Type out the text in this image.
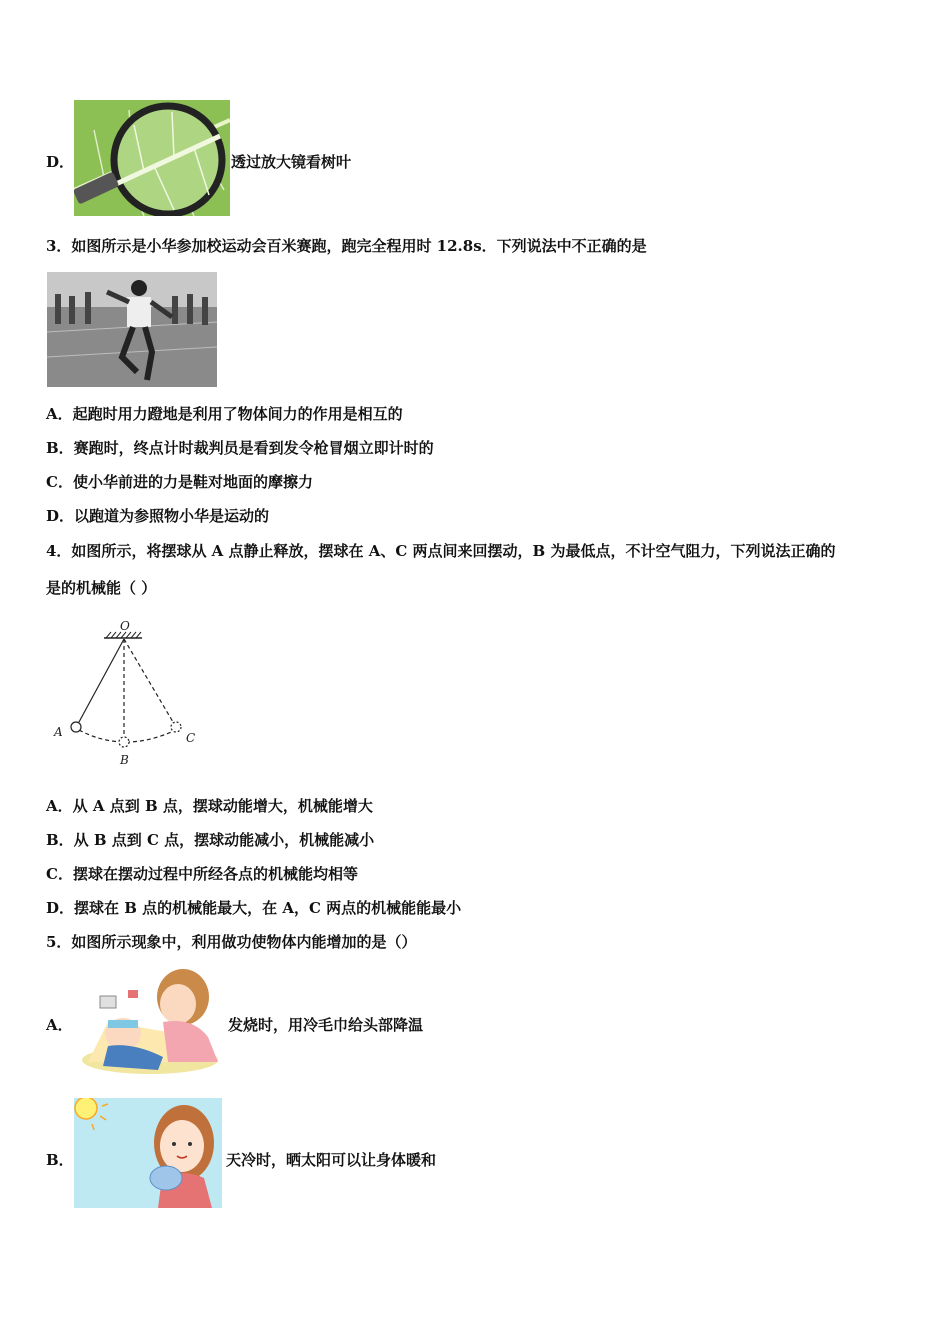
D．	透过放大镜看树叶
3．如图所示是小华参加校运动会百米赛跑，跑完全程用时 12.8s．下列说法中不正确的是
A．起跑时用力蹬地是利用了物体间力的作用是相互的
B．赛跑时，终点计时裁判员是看到发令枪冒烟立即计时的
C．使小华前进的力是鞋对地面的摩擦力
D．以跑道为参照物小华是运动的
4．如图所示，将摆球从 A 点静止释放，摆球在 A、C 两点间来回摆动，B 为最低点，不计空气阻力，下列说法正确的
是的机械能（ ）
O
A
B
C
A．从 A 点到 B 点，摆球动能增大，机械能增大
B．从 B 点到 C 点，摆球动能减小，机械能减小
C．摆球在摆动过程中所经各点的机械能均相等
D．摆球在 B 点的机械能最大，在 A，C 两点的机械能能最小
5．如图所示现象中，利用做功使物体内能增加的是（）
A．	发烧时，用冷毛巾给头部降温
B．	天冷时，晒太阳可以让身体暖和
